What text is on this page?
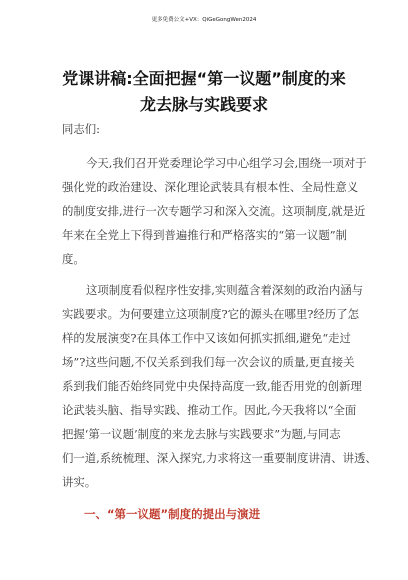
更多免费公文+VX：QiGeGongWen2024
党课讲稿:全面把握“第一议题”制度的来
龙去脉与实践要求
同志们:
今天,我们召开党委理论学习中心组学习会,围绕一项对于
强化党的政治建设、深化理论武装具有根本性、全局性意义
的制度安排,进行一次专题学习和深入交流。这项制度,就是近
年来在全党上下得到普遍推行和严格落实的“第一议题”制
度。
这项制度看似程序性安排,实则蕴含着深刻的政治内涵与
实践要求。为何要建立这项制度?它的源头在哪里?经历了怎
样的发展演变?在具体工作中又该如何抓实抓细,避免“走过
场”?这些问题,不仅关系到我们每一次会议的质量,更直接关
系到我们能否始终同党中央保持高度一致,能否用党的创新理
论武装头脑、指导实践、推动工作。因此,今天我将以“全面
把握‘第一议题’制度的来龙去脉与实践要求”为题,与同志
们一道,系统梳理、深入探究,力求将这一重要制度讲清、讲透、
讲实。
一、“第一议题”制度的提出与演进
